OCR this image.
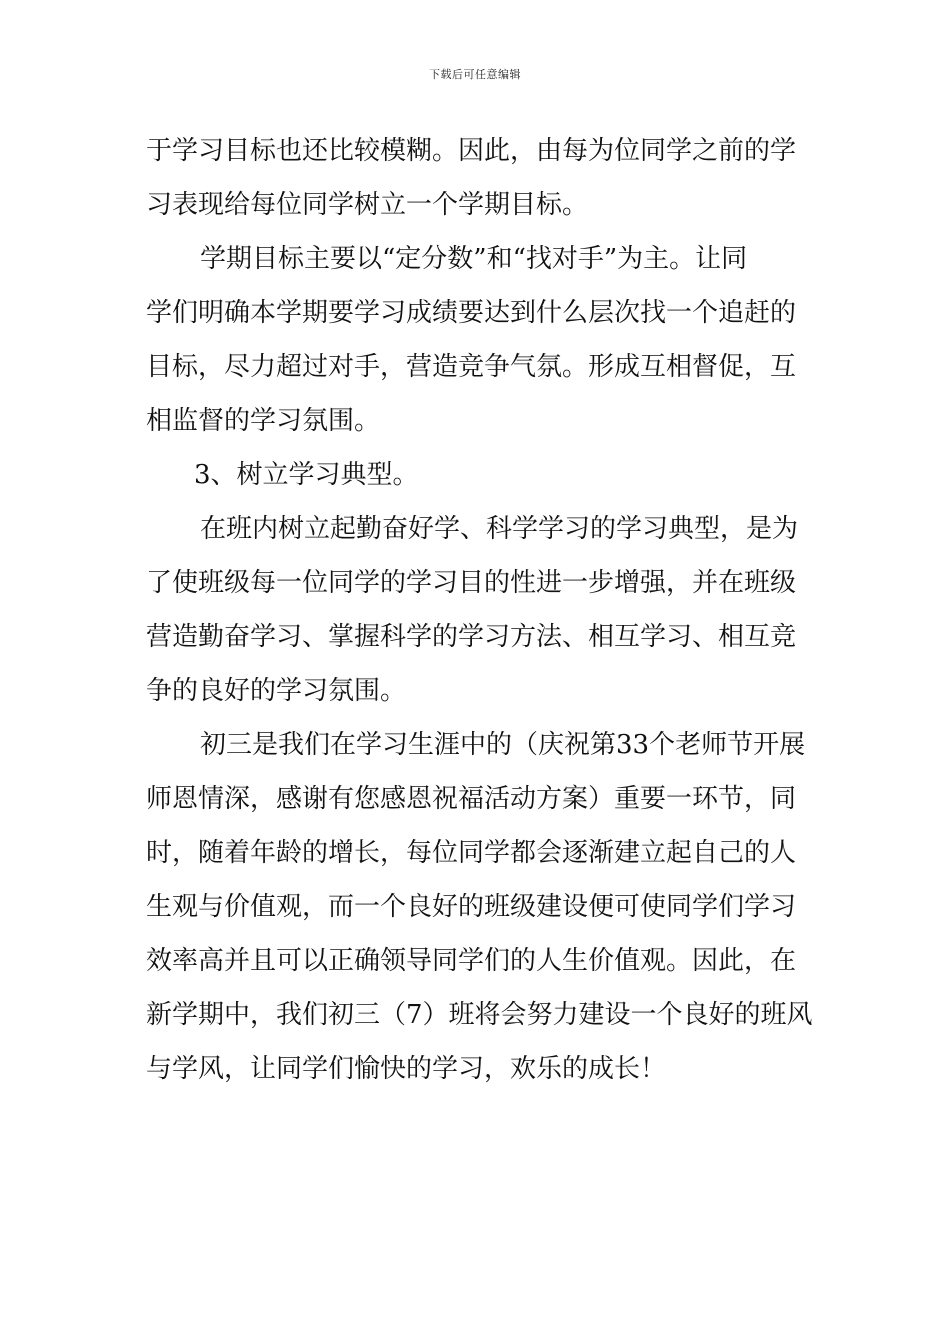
下载后可任意编辑
于学习目标也还比较模糊。因此，由每为位同学之前的学
习表现给每位同学树立一个学期目标。
学期目标主要以“定分数”和“找对手”为主。让同
学们明确本学期要学习成绩要达到什么层次找一个追赶的
目标，尽力超过对手，营造竞争气氛。形成互相督促，互
相监督的学习氛围。
3、树立学习典型。
在班内树立起勤奋好学、科学学习的学习典型，是为
了使班级每一位同学的学习目的性进一步增强，并在班级
营造勤奋学习、掌握科学的学习方法、相互学习、相互竞
争的良好的学习氛围。
初三是我们在学习生涯中的（庆祝第33个老师节开展
师恩情深，感谢有您感恩祝福活动方案）重要一环节，同
时，随着年龄的增长，每位同学都会逐渐建立起自己的人
生观与价值观，而一个良好的班级建设便可使同学们学习
效率高并且可以正确领导同学们的人生价值观。因此，在
新学期中，我们初三（7）班将会努力建设一个良好的班风
与学风，让同学们愉快的学习，欢乐的成长！
